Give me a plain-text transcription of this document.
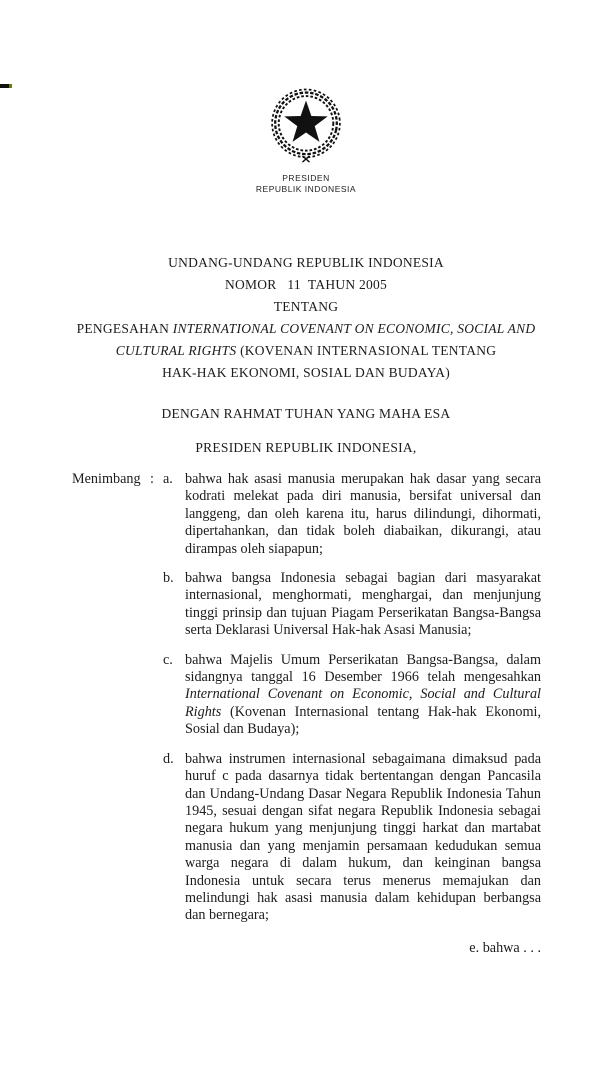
PRESIDEN
REPUBLIK INDONESIA
UNDANG-UNDANG REPUBLIK INDONESIA
NOMOR   11  TAHUN 2005
TENTANG
PENGESAHAN INTERNATIONAL COVENANT ON ECONOMIC, SOCIAL AND
CULTURAL RIGHTS (KOVENAN INTERNASIONAL TENTANG
HAK-HAK EKONOMI, SOSIAL DAN BUDAYA)
DENGAN RAHMAT TUHAN YANG MAHA ESA
PRESIDEN REPUBLIK INDONESIA,
Menimbang : a. bahwa hak asasi manusia merupakan hak dasar yang secara kodrati melekat pada diri manusia, bersifat universal dan langgeng, dan oleh karena itu, harus dilindungi, dihormati, dipertahankan, dan tidak boleh diabaikan, dikurangi, atau dirampas oleh siapapun;
b. bahwa bangsa Indonesia sebagai bagian dari masyarakat internasional, menghormati, menghargai, dan menjunjung tinggi prinsip dan tujuan Piagam Perserikatan Bangsa-Bangsa serta Deklarasi Universal Hak-hak Asasi Manusia;
c. bahwa Majelis Umum Perserikatan Bangsa-Bangsa, dalam sidangnya tanggal 16 Desember 1966 telah mengesahkan International Covenant on Economic, Social and Cultural Rights (Kovenan Internasional tentang Hak-hak Ekonomi, Sosial dan Budaya);
d. bahwa instrumen internasional sebagaimana dimaksud pada huruf c pada dasarnya tidak bertentangan dengan Pancasila dan Undang-Undang Dasar Negara Republik Indonesia Tahun 1945, sesuai dengan sifat negara Republik Indonesia sebagai negara hukum yang menjunjung tinggi harkat dan martabat manusia dan yang menjamin persamaan kedudukan semua warga negara di dalam hukum, dan keinginan bangsa Indonesia untuk secara terus menerus memajukan dan melindungi hak asasi manusia dalam kehidupan berbangsa dan bernegara;
e. bahwa . . .
